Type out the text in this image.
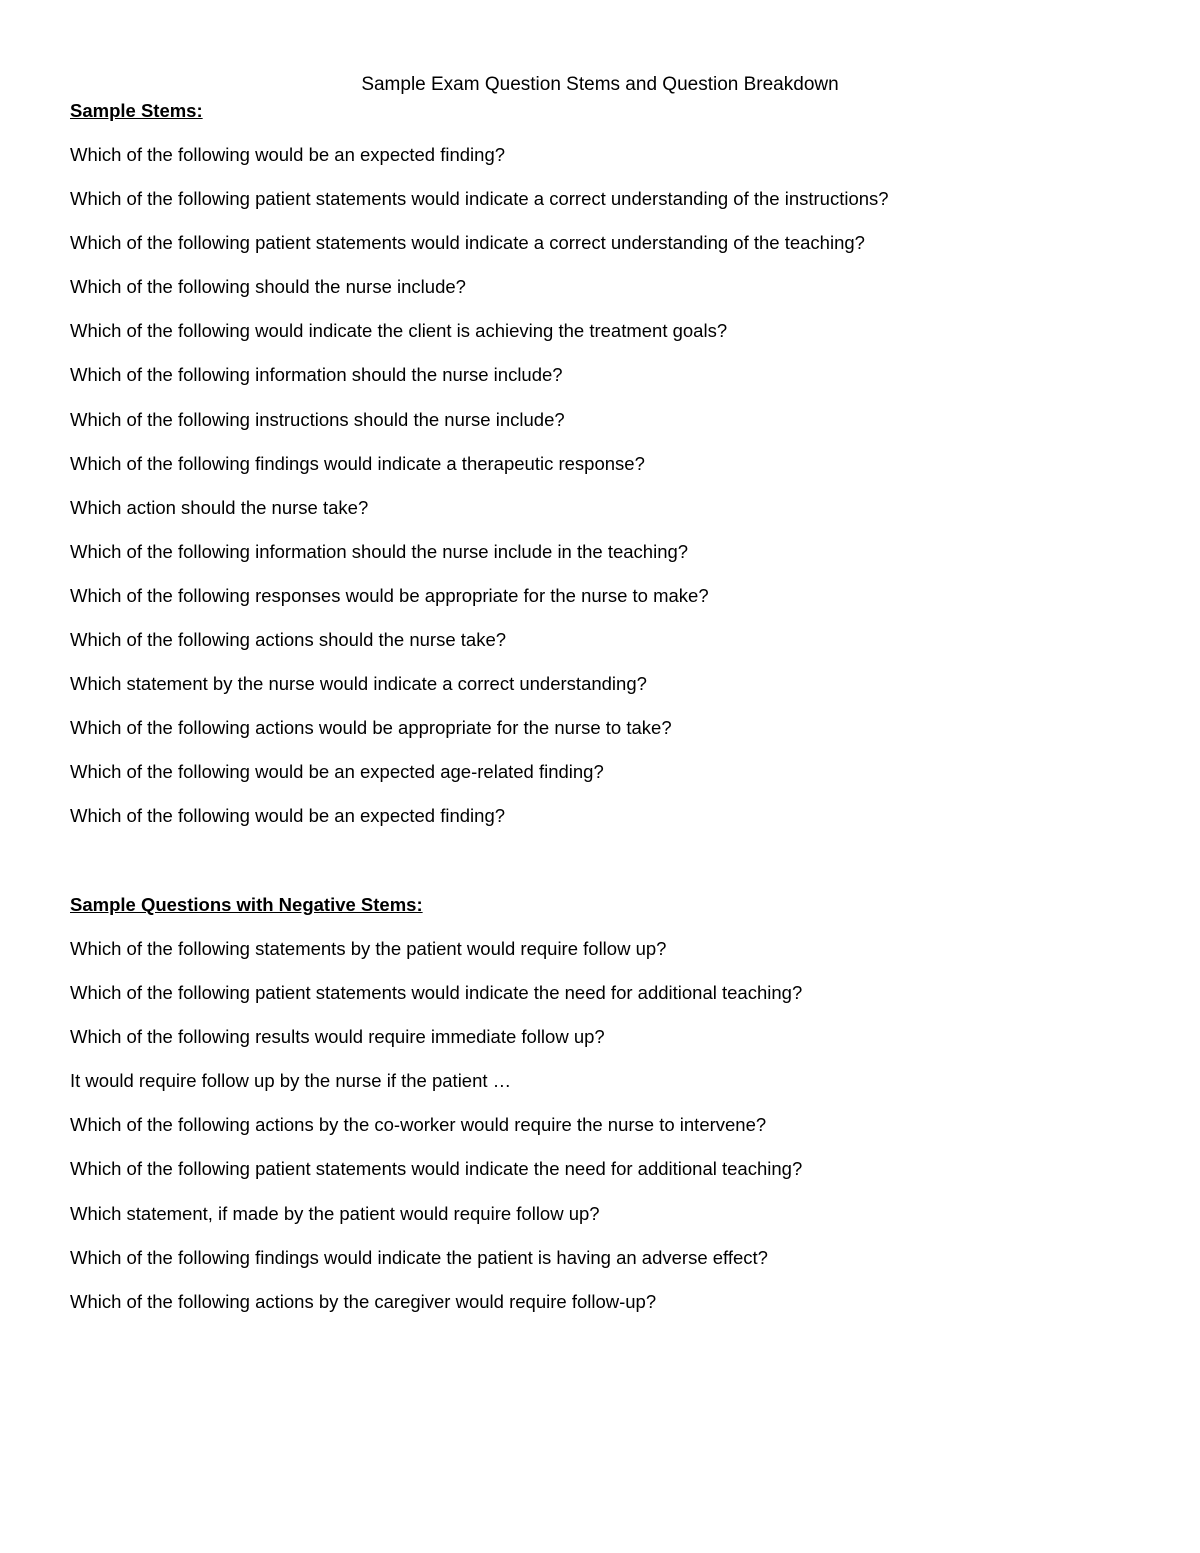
Sample Exam Question Stems and Question Breakdown
Sample Stems:
Which of the following would be an expected finding?
Which of the following patient statements would indicate a correct understanding of the instructions?
Which of the following patient statements would indicate a correct understanding of the teaching?
Which of the following should the nurse include?
Which of the following would indicate the client is achieving the treatment goals?
Which of the following information should the nurse include?
Which of the following instructions should the nurse include?
Which of the following findings would indicate a therapeutic response?
Which action should the nurse take?
Which of the following information should the nurse include in the teaching?
Which of the following responses would be appropriate for the nurse to make?
Which of the following actions should the nurse take?
Which statement by the nurse would indicate a correct understanding?
Which of the following actions would be appropriate for the nurse to take?
Which of the following would be an expected age-related finding?
Which of the following would be an expected finding?
Sample Questions with Negative Stems:
Which of the following statements by the patient would require follow up?
Which of the following patient statements would indicate the need for additional teaching?
Which of the following results would require immediate follow up?
It would require follow up by the nurse if the patient …
Which of the following actions by the co-worker would require the nurse to intervene?
Which of the following patient statements would indicate the need for additional teaching?
Which statement, if made by the patient would require follow up?
Which of the following findings would indicate the patient is having an adverse effect?
Which of the following actions by the caregiver would require follow-up?
